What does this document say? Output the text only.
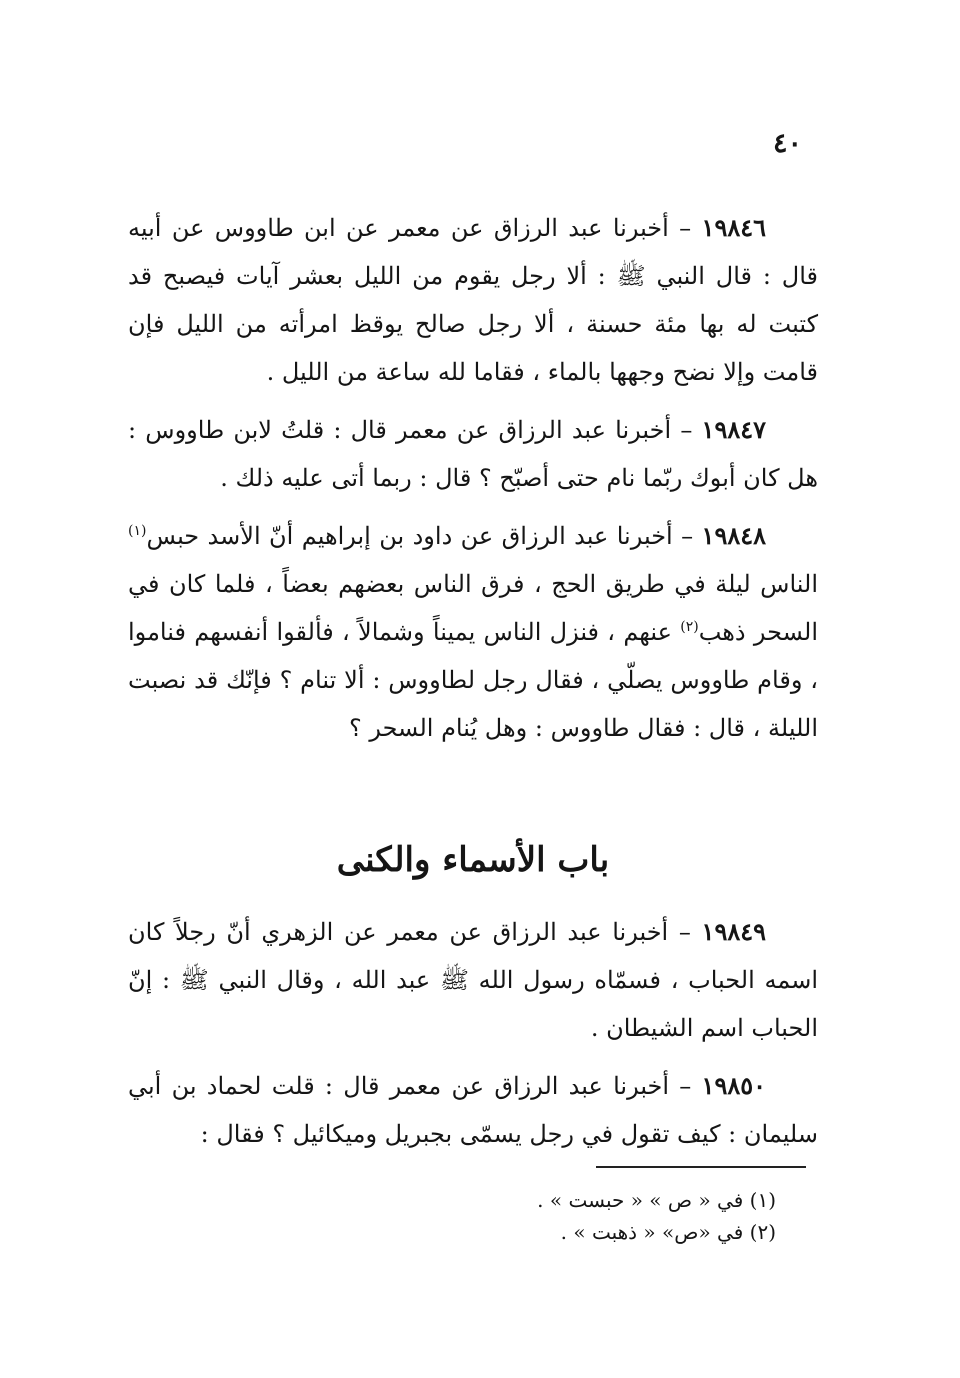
٤٠

١٩٨٤٦ – أخبرنا عبد الرزاق عن معمر عن ابن طاووس عن أبيه قال : قال النبي ﷺ : ألا رجل يقوم من الليل بعشر آيات فيصبح قد كتبت له بها مئة حسنة ، ألا رجل صالح يوقظ امرأته من الليل فإن قامت وإلا نضح وجهها بالماء ، فقاما لله ساعة من الليل .

١٩٨٤٧ – أخبرنا عبد الرزاق عن معمر قال : قلتُ لابن طاووس : هل كان أبوك ربّما نام حتى أصبّح ؟ قال : ربما أتى عليه ذلك .

١٩٨٤٨ – أخبرنا عبد الرزاق عن داود بن إبراهيم أنّ الأسد حبس$^{(١)}$ الناس ليلة في طريق الحج ، فرق الناس بعضهم بعضاً ، فلما كان في السحر ذهب$^{(٢)}$ عنهم ، فنزل الناس يميناً وشمالاً ، فألقوا أنفسهم فناموا ، وقام طاووس يصلّي ، فقال رجل لطاووس : ألا تنام ؟ فإنّك قد نصبت الليلة ، قال : فقال طاووس : وهل يُنام السحر ؟

باب الأسماء والكنى

١٩٨٤٩ – أخبرنا عبد الرزاق عن معمر عن الزهري أنّ رجلاً كان اسمه الحباب ، فسمّاه رسول الله ﷺ عبد الله ، وقال النبي ﷺ : إنّ الحباب اسم الشيطان .

١٩٨٥٠ – أخبرنا عبد الرزاق عن معمر قال : قلت لحماد بن أبي سليمان : كيف تقول في رجل يسمّى بجبريل وميكائيل ؟ فقال :

(١) في « ص » « حبست » .

(٢) في «ص» « ذهبت » .
